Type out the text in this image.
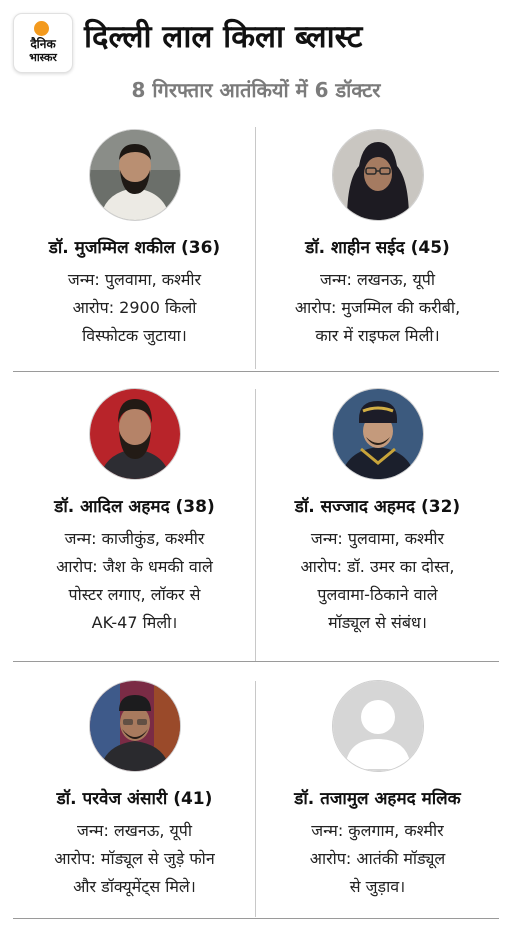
दैनिक
भास्कर
दिल्ली लाल किला ब्लास्ट
8 गिरफ्तार आतंकियों में 6 डॉक्टर
डॉ. मुजम्मिल शकील (36)
जन्म: पुलवामा, कश्मीर
आरोप: 2900 किलो
विस्फोटक जुटाया।
डॉ. शाहीन सईद (45)
जन्म: लखनऊ, यूपी
आरोप: मुजम्मिल की करीबी,
कार में राइफल मिली।
डॉ. आदिल अहमद (38)
जन्म: काजीकुंड, कश्मीर
आरोप: जैश के धमकी वाले
पोस्टर लगाए, लॉकर से
AK-47 मिली।
डॉ. सज्जाद अहमद (32)
जन्म: पुलवामा, कश्मीर
आरोप: डॉ. उमर का दोस्त,
पुलवामा-ठिकाने वाले
मॉड्यूल से संबंध।
डॉ. परवेज अंसारी (41)
जन्म: लखनऊ, यूपी
आरोप: मॉड्यूल से जुड़े फोन
और डॉक्यूमेंट्स मिले।
डॉ. तजामुल अहमद मलिक
जन्म: कुलगाम, कश्मीर
आरोप: आतंकी मॉड्यूल
से जुड़ाव।
